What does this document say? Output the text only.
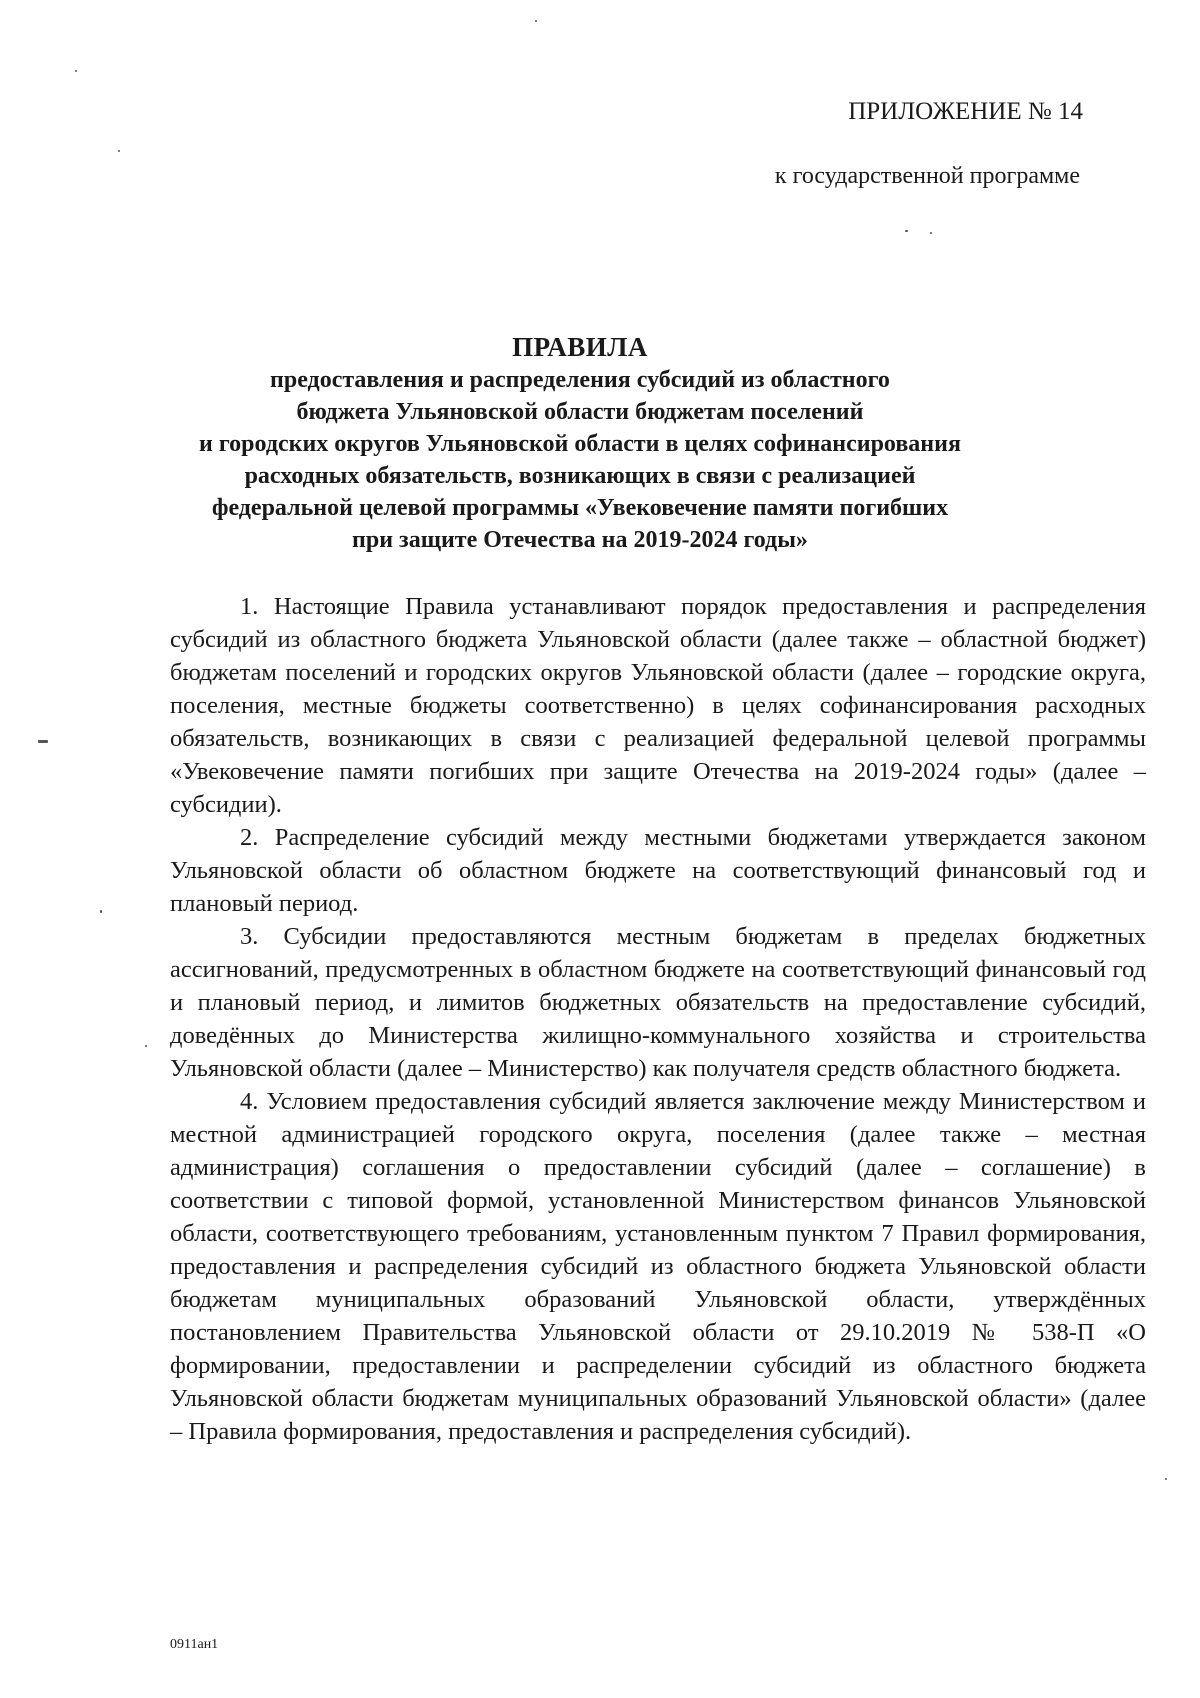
ПРИЛОЖЕНИЕ № 14
к государственной программе
ПРАВИЛА
предоставления и распределения субсидий из областного
бюджета Ульяновской области бюджетам поселений
и городских округов Ульяновской области в целях софинансирования
расходных обязательств, возникающих в связи с реализацией
федеральной целевой программы «Увековечение памяти погибших
при защите Отечества на 2019-2024 годы»

1. Настоящие Правила устанавливают порядок предоставления и распределения субсидий из областного бюджета Ульяновской области (далее также – областной бюджет) бюджетам поселений и городских округов Ульяновской области (далее – городские округа, поселения, местные бюджеты соответственно) в целях софинансирования расходных обязательств, возникающих в связи с реализацией федеральной целевой программы «Увековечение памяти погибших при защите Отечества на 2019-2024 годы» (далее – субсидии).

2. Распределение субсидий между местными бюджетами утверждается законом Ульяновской области об областном бюджете на соответствующий финансовый год и плановый период.

3. Субсидии предоставляются местным бюджетам в пределах бюджетных ассигнований, предусмотренных в областном бюджете на соответствующий финансовый год и плановый период, и лимитов бюджетных обязательств на предоставление субсидий, доведённых до Министерства жилищно-коммунального хозяйства и строительства Ульяновской области (далее – Министерство) как получателя средств областного бюджета.

4. Условием предоставления субсидий является заключение между Министерством и местной администрацией городского округа, поселения (далее также – местная администрация) соглашения о предоставлении субсидий (далее – соглашение) в соответствии с типовой формой, установленной Министерством финансов Ульяновской области, соответствующего требованиям, установленным пунктом 7 Правил формирования, предоставления и распределения субсидий из областного бюджета Ульяновской области бюджетам муниципальных образований Ульяновской области, утверждённых постановлением Правительства Ульяновской области от 29.10.2019 № 538-П «О формировании, предоставлении и распределении субсидий из областного бюджета Ульяновской области бюджетам муниципальных образований Ульяновской области» (далее – Правила формирования, предоставления и распределения субсидий).

0911ан1
